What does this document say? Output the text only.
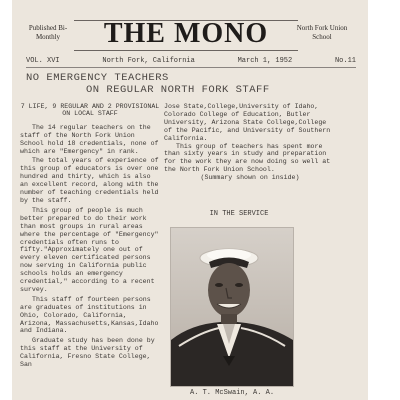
Published Bi-Monthly	THE MONO	North Fork Union School
VOL. XVI	North Fork, California	March 1, 1952	No.11
NO EMERGENCY TEACHERS
ON REGULAR NORTH FORK STAFF
7 LIFE, 9 REGULAR AND 2 PROVISIONAL ON LOCAL STAFF

The 14 regular teachers on the staff of the North Fork Union School hold 18 credentials, none of which are "Emergency" in rank.

The total years of experience of this group of educators is over one hundred and thirty, which is also an excellent record, along with the number of teaching credentials held by the staff.

This group of people is much better prepared to do their work than most groups in rural areas where the percentage of "Emergency" credentials often runs to fifty."Approximately one out of every eleven certificated persons now serving in California public schools holds an emergency credential," according to a recent survey.

This staff of fourteen persons are graduates of institutions in Ohio, Colorado, California, Arizona, Massachusetts,Kansas,Idaho and Indiana.

Graduate study has been done by this staff at the University of California, Fresno State College, San

Jose State,College,University of Idaho, Colorado College of Education, Butler University, Arizona State College,College of the Pacific, and University of Southern California.

This group of teachers has spent more than sixty years in study and preparation for the work they are now doing so well at the North Fork Union School.

(Summary shown on inside)

IN THE SERVICE
A. T. McSwain, A. A.
